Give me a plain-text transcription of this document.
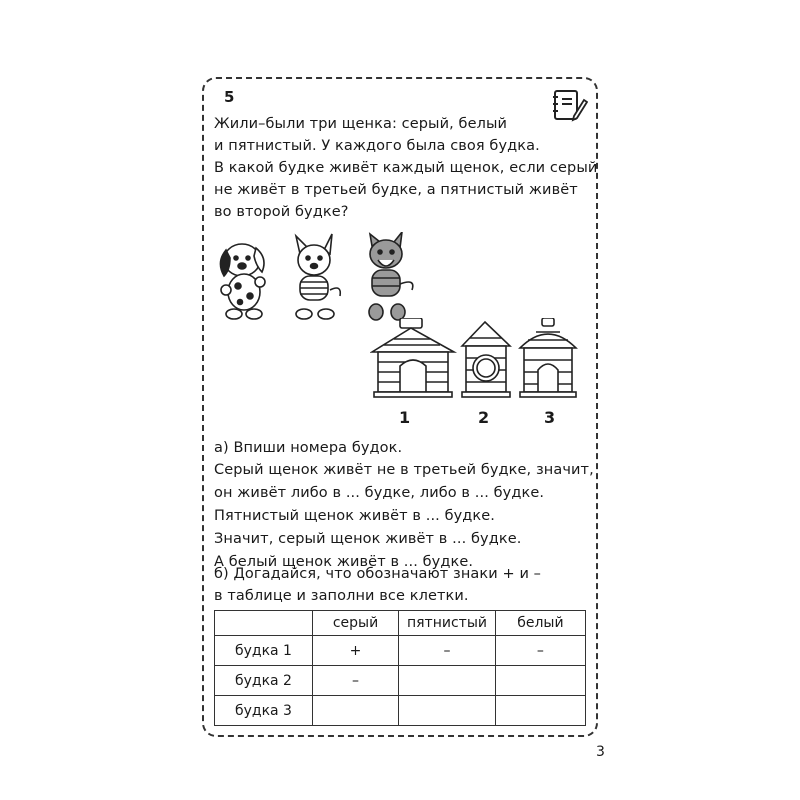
5
Жили–были три щенка: серый, белый
и пятнистый. У каждого была своя будка.
В какой будке живёт каждый щенок, если серый
не живёт в третьей будке, а пятнистый живёт
во второй будке?
1	2	3
а) Впиши номера будок.
Серый щенок живёт не в третьей будке, значит,
он живёт либо в ... будке, либо в ... будке.
Пятнистый щенок живёт в ... будке.
Значит, серый щенок живёт в ... будке.
А белый щенок живёт в ... будке.
б) Догадайся, что обозначают знаки + и –
в таблице и заполни все клетки.
	серый	пятнистый	белый
будка 1	+	–	–
будка 2	–		
будка 3			
3
